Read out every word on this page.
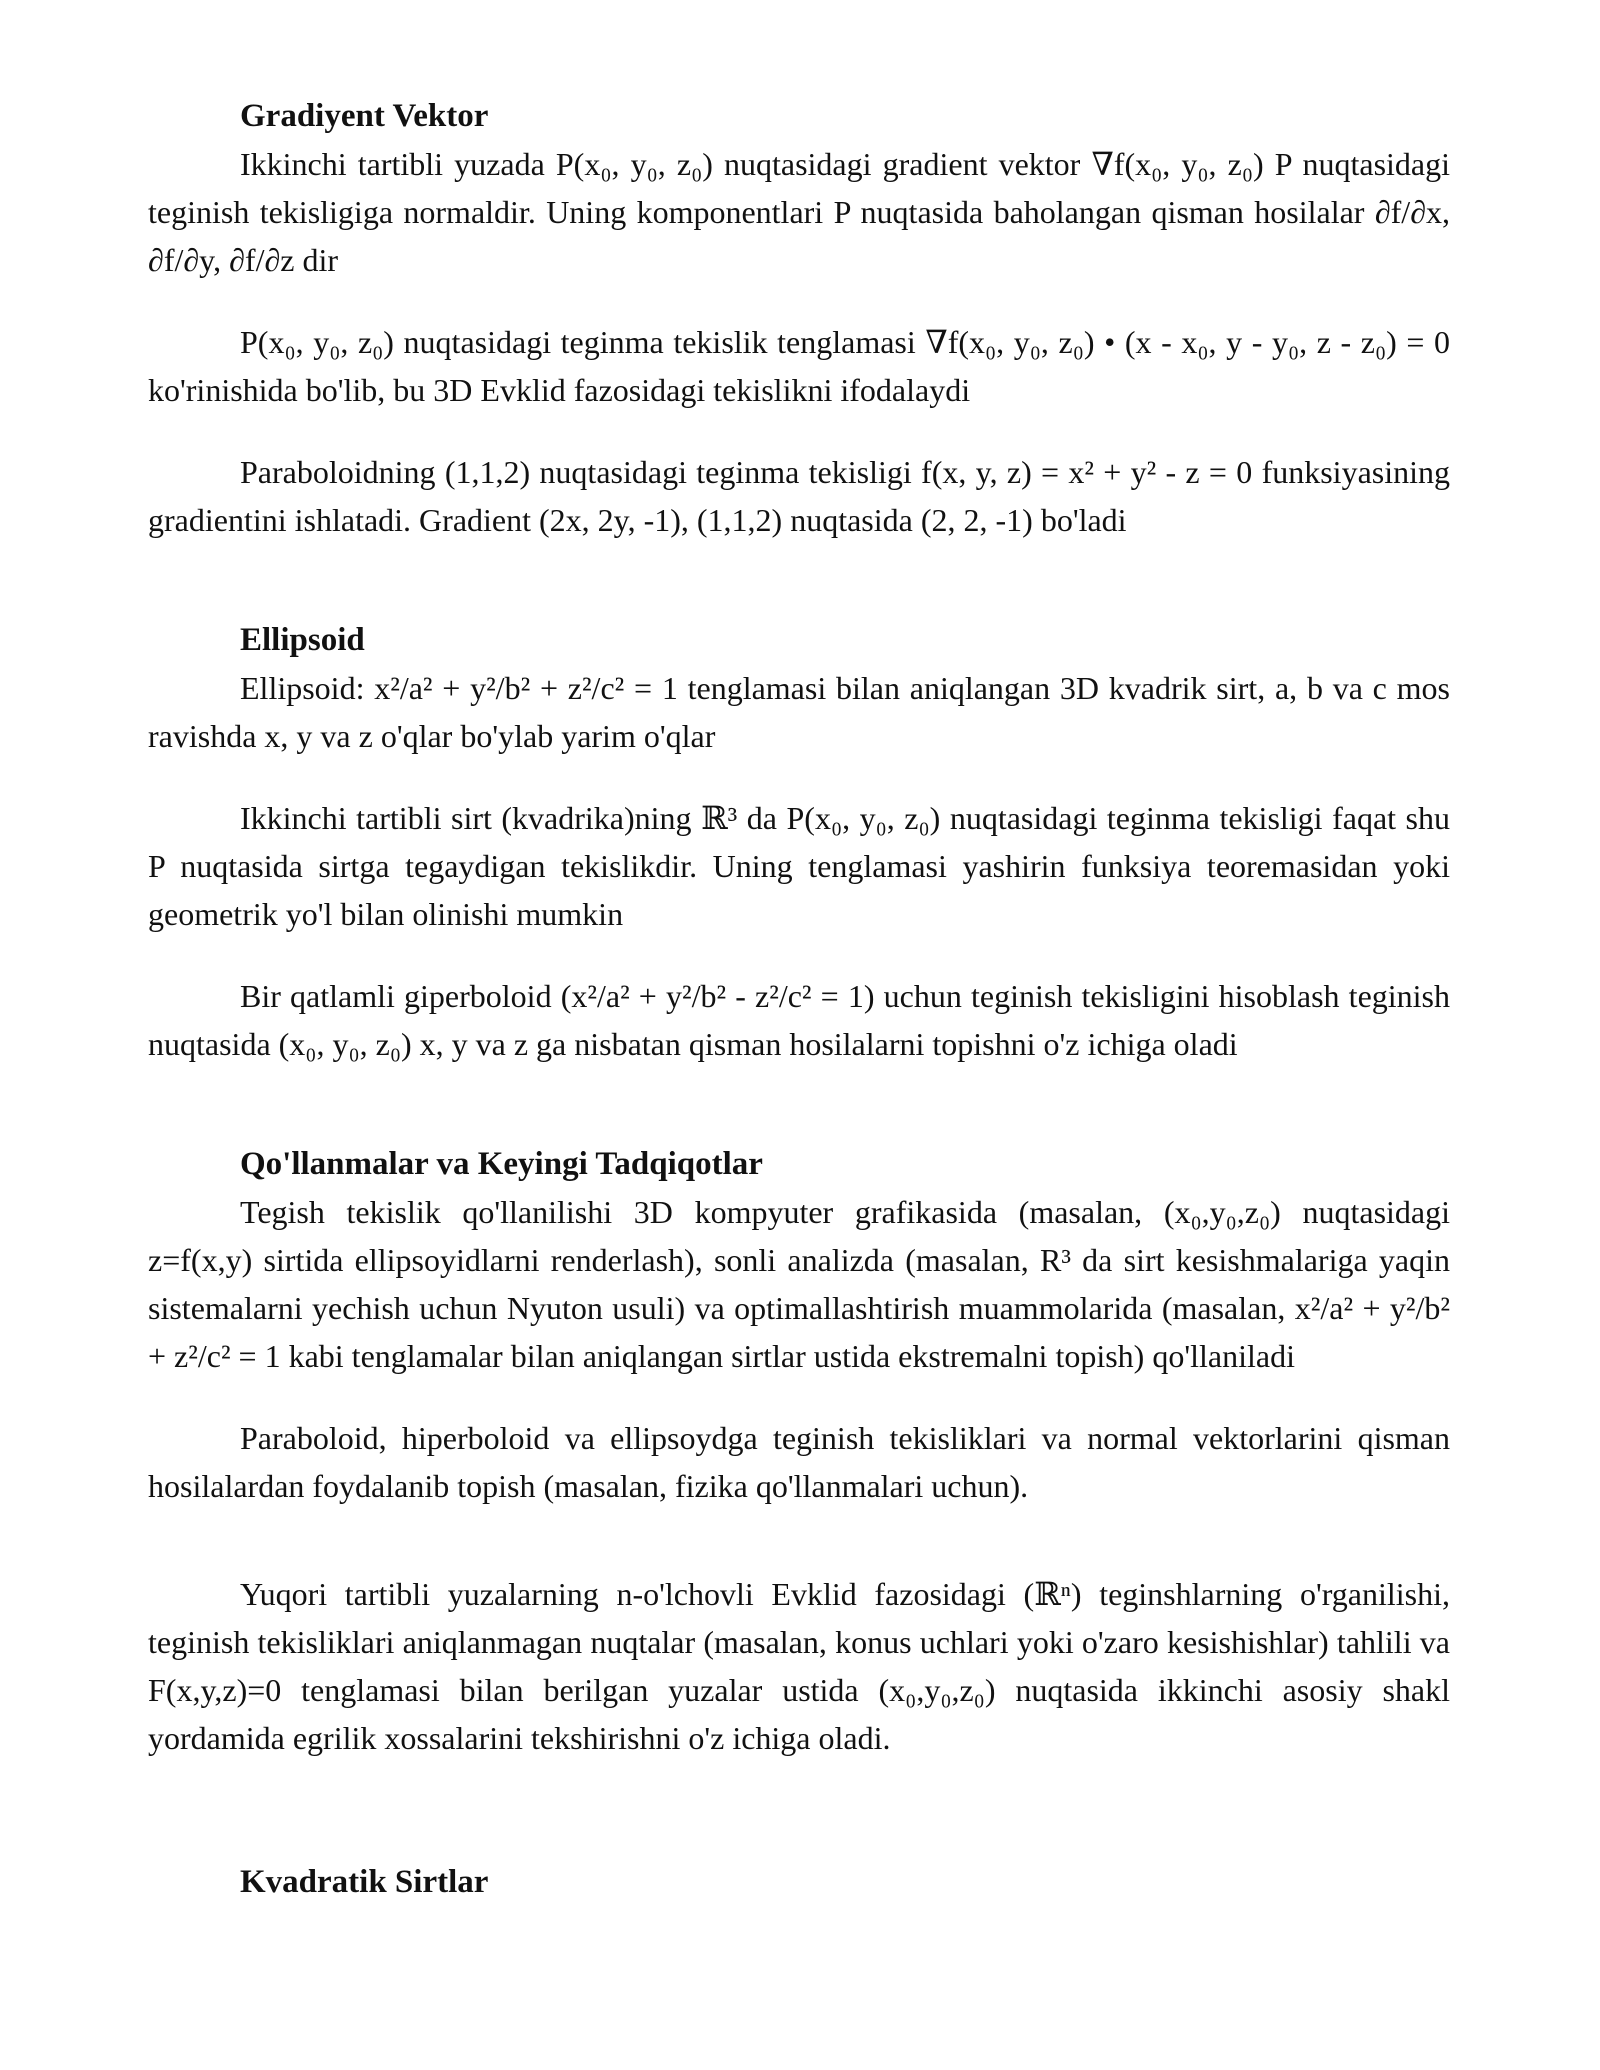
Gradiyent Vektor

Ikkinchi tartibli yuzada P(x₀, y₀, z₀) nuqtasidagi gradient vektor ∇f(x₀, y₀, z₀) P nuqtasidagi teginish tekisligiga normaldir. Uning komponentlari P nuqtasida baholangan qisman hosilalar ∂f/∂x, ∂f/∂y, ∂f/∂z dir

P(x₀, y₀, z₀) nuqtasidagi teginma tekislik tenglamasi ∇f(x₀, y₀, z₀) • (x - x₀, y - y₀, z - z₀) = 0 ko'rinishida bo'lib, bu 3D Evklid fazosidagi tekislikni ifodalaydi

Paraboloidning (1,1,2) nuqtasidagi teginma tekisligi f(x, y, z) = x² + y² - z = 0 funksiyasining gradientini ishlatadi. Gradient (2x, 2y, -1), (1,1,2) nuqtasida (2, 2, -1) bo'ladi

Ellipsoid

Ellipsoid: x²/a² + y²/b² + z²/c² = 1 tenglamasi bilan aniqlangan 3D kvadrik sirt, a, b va c mos ravishda x, y va z o'qlar bo'ylab yarim o'qlar

Ikkinchi tartibli sirt (kvadrika)ning ℝ³ da P(x₀, y₀, z₀) nuqtasidagi teginma tekisligi faqat shu P nuqtasida sirtga tegaydigan tekislikdir. Uning tenglamasi yashirin funksiya teoremasidan yoki geometrik yo'l bilan olinishi mumkin

Bir qatlamli giperboloid (x²/a² + y²/b² - z²/c² = 1) uchun teginish tekisligini hisoblash teginish nuqtasida (x₀, y₀, z₀) x, y va z ga nisbatan qisman hosilalarni topishni o'z ichiga oladi

Qo'llanmalar va Keyingi Tadqiqotlar

Tegish tekislik qo'llanilishi 3D kompyuter grafikasida (masalan, (x₀,y₀,z₀) nuqtasidagi z=f(x,y) sirtida ellipsoyidlarni renderlash), sonli analizda (masalan, R³ da sirt kesishmalariga yaqin sistemalarni yechish uchun Nyuton usuli) va optimallashtirish muammolarida (masalan, x²/a² + y²/b² + z²/c² = 1 kabi tenglamalar bilan aniqlangan sirtlar ustida ekstremalni topish) qo'llaniladi

Paraboloid, hiperboloid va ellipsoydga teginish tekisliklari va normal vektorlarini qisman hosilalardan foydalanib topish (masalan, fizika qo'llanmalari uchun).

Yuqori tartibli yuzalarning n-o'lchovli Evklid fazosidagi (ℝⁿ) teginshlarning o'rganilishi, teginish tekisliklari aniqlanmagan nuqtalar (masalan, konus uchlari yoki o'zaro kesishishlar) tahlili va F(x,y,z)=0 tenglamasi bilan berilgan yuzalar ustida (x₀,y₀,z₀) nuqtasida ikkinchi asosiy shakl yordamida egrilik xossalarini tekshirishni o'z ichiga oladi.

Kvadratik Sirtlar
